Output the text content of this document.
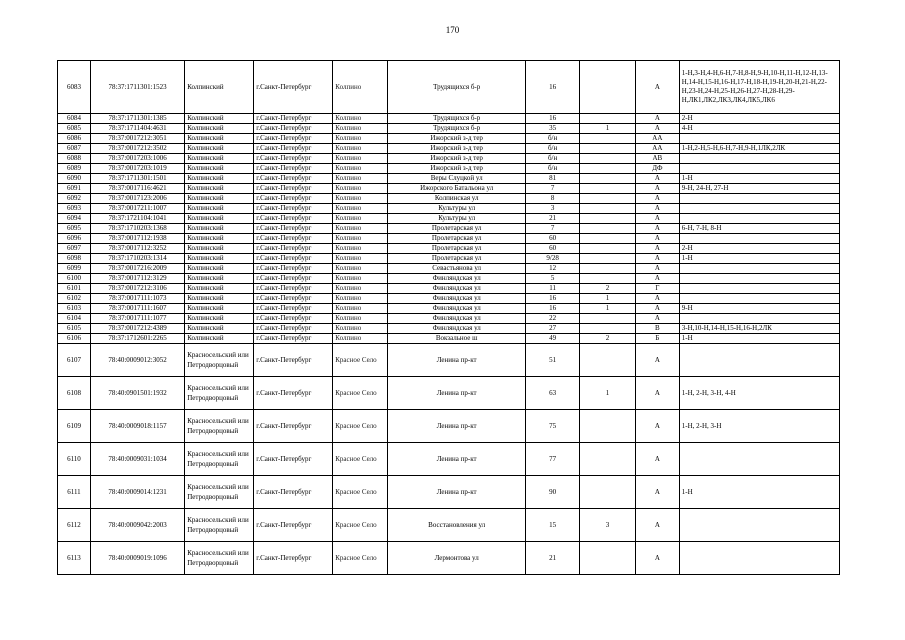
170
6083	78:37:1711301:1523	Колпинский	г.Санкт-Петербург	Колпино	Трудящихся б-р	16		А	1-Н,3-Н,4-Н,6-Н,7-Н,8-Н,9-Н,10-Н,11-Н,12-Н,13-Н,14-Н,15-Н,16-Н,17-Н,18-Н,19-Н,20-Н,21-Н,22-Н,23-Н,24-Н,25-Н,26-Н,27-Н,28-Н,29-Н,ЛК1,ЛК2,ЛК3,ЛК4,ЛК5,ЛК6
6084	78:37:1711301:1385	Колпинский	г.Санкт-Петербург	Колпино	Трудящихся б-р	16		А	2-Н
6085	78:37:1711404:4631	Колпинский	г.Санкт-Петербург	Колпино	Трудящихся б-р	35	1	А	4-Н
6086	78:37:0017212:3051	Колпинский	г.Санкт-Петербург	Колпино	Ижорский з-д тер	б/н		АА	
6087	78:37:0017212:3502	Колпинский	г.Санкт-Петербург	Колпино	Ижорский з-д тер	б/н		АА	1-Н,2-Н,5-Н,6-Н,7-Н,9-Н,1ЛК,2ЛК
6088	78:37:0017203:1006	Колпинский	г.Санкт-Петербург	Колпино	Ижорский з-д тер	б/н		АВ	
6089	78:37:0017203:1019	Колпинский	г.Санкт-Петербург	Колпино	Ижорский з-д тер	б/н		ДФ	
6090	78:37:1711301:1501	Колпинский	г.Санкт-Петербург	Колпино	Веры Слуцкой ул	81		А	1-Н
6091	78:37:0017116:4621	Колпинский	г.Санкт-Петербург	Колпино	Ижорского Батальона ул	7		А	9-Н, 24-Н, 27-Н
6092	78:37:0017123:2006	Колпинский	г.Санкт-Петербург	Колпино	Колпинская ул	8		А	
6093	78:37:0017211:1007	Колпинский	г.Санкт-Петербург	Колпино	Культуры ул	3		А	
6094	78:37:1721104:1041	Колпинский	г.Санкт-Петербург	Колпино	Культуры ул	21		А	
6095	78:37:1710203:1368	Колпинский	г.Санкт-Петербург	Колпино	Пролетарская ул	7		А	6-Н, 7-Н, 8-Н
6096	78:37:0017112:1938	Колпинский	г.Санкт-Петербург	Колпино	Пролетарская ул	60		А	
6097	78:37:0017112:3252	Колпинский	г.Санкт-Петербург	Колпино	Пролетарская ул	60		А	2-Н
6098	78:37:1710203:1314	Колпинский	г.Санкт-Петербург	Колпино	Пролетарская ул	9/28		А	1-Н
6099	78:37:0017216:2009	Колпинский	г.Санкт-Петербург	Колпино	Севастьянова ул	12		А	
6100	78:37:0017112:3129	Колпинский	г.Санкт-Петербург	Колпино	Финляндская ул	5		А	
6101	78:37:0017212:3106	Колпинский	г.Санкт-Петербург	Колпино	Финляндская ул	11	2	Г	
6102	78:37:0017111:1073	Колпинский	г.Санкт-Петербург	Колпино	Финляндская ул	16	1	А	
6103	78:37:0017111:1607	Колпинский	г.Санкт-Петербург	Колпино	Финляндская ул	16	1	А	9-Н
6104	78:37:0017111:1077	Колпинский	г.Санкт-Петербург	Колпино	Финляндская ул	22		А	
6105	78:37:0017212:4389	Колпинский	г.Санкт-Петербург	Колпино	Финляндская ул	27		В	3-Н,10-Н,14-Н,15-Н,16-Н,2ЛК
6106	78:37:1712601:2265	Колпинский	г.Санкт-Петербург	Колпино	Вокзальное ш	49	2	Б	1-Н
6107	78:40:0009012:3052	Красносельский или Петродворцовый	г.Санкт-Петербург	Красное Село	Ленина пр-кт	51		А	
6108	78:40:0901501:1932	Красносельский или Петродворцовый	г.Санкт-Петербург	Красное Село	Ленина пр-кт	63	1	А	1-Н, 2-Н, 3-Н, 4-Н
6109	78:40:0009018:1157	Красносельский или Петродворцовый	г.Санкт-Петербург	Красное Село	Ленина пр-кт	75		А	1-Н, 2-Н, 3-Н
6110	78:40:0009031:1034	Красносельский или Петродворцовый	г.Санкт-Петербург	Красное Село	Ленина пр-кт	77		А	
6111	78:40:0009014:1231	Красносельский или Петродворцовый	г.Санкт-Петербург	Красное Село	Ленина пр-кт	90		А	1-Н
6112	78:40:0009042:2003	Красносельский или Петродворцовый	г.Санкт-Петербург	Красное Село	Восстановления ул	15	3	А	
6113	78:40:0009019:1096	Красносельский или Петродворцовый	г.Санкт-Петербург	Красное Село	Лермонтова ул	21		А	
